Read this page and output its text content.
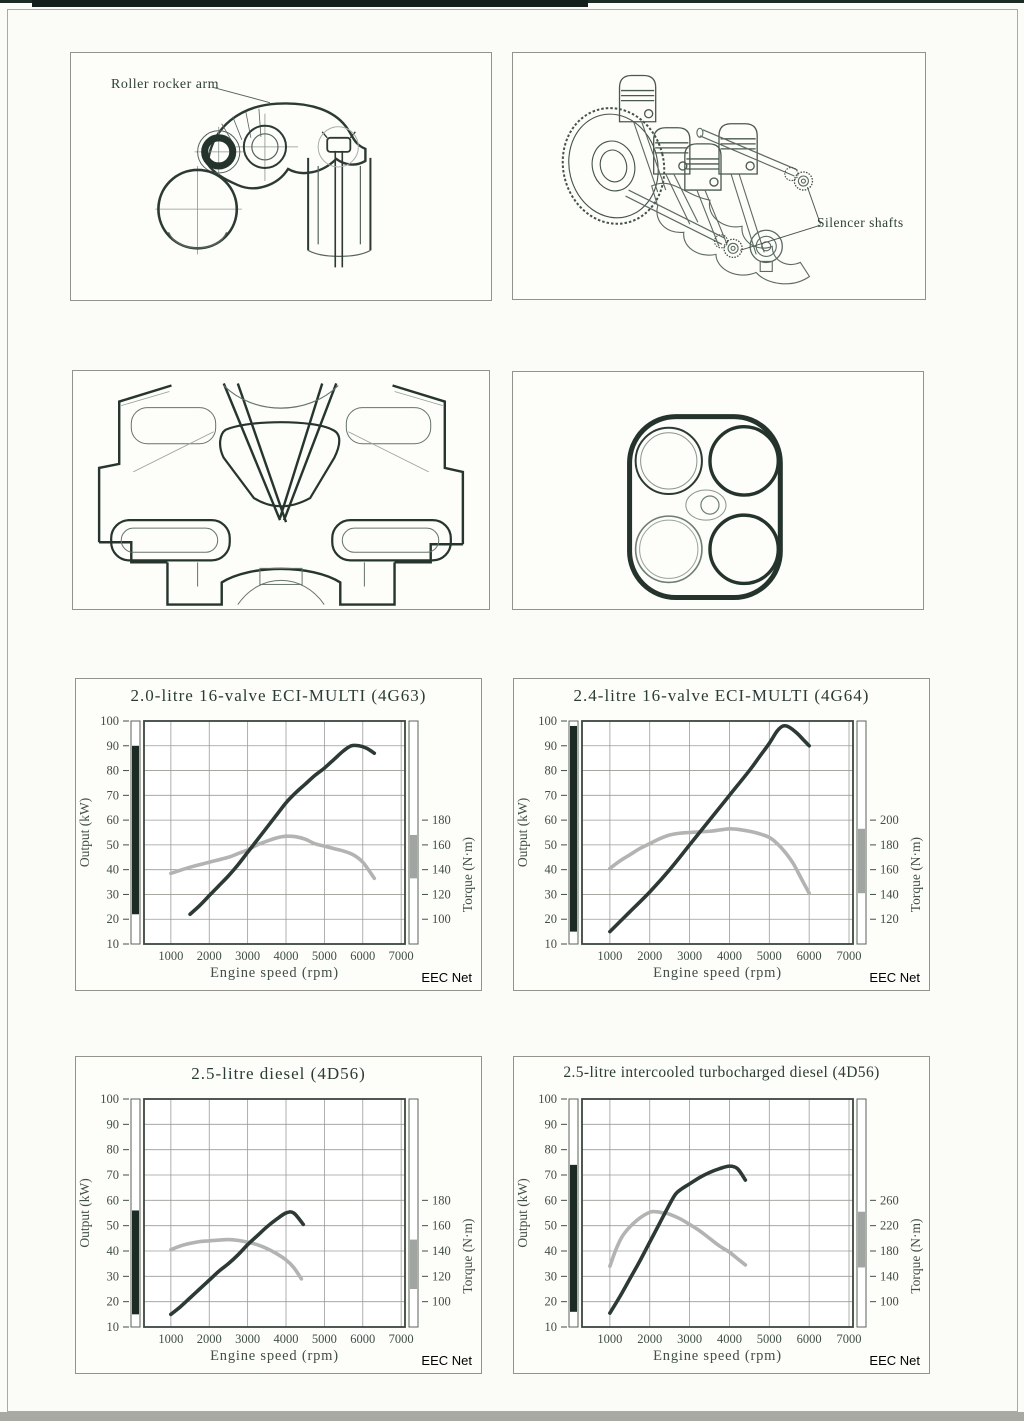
Roller rocker arm
Silencer shafts
2.0-litre 16-valve ECI-MULTI (4G63)
10
20
30
40
50
60
70
80
90
100
100
120
140
160
180
1000 2000 3000 4000 5000 6000 7000
Engine speed (rpm)
Output (kW)
Torque (N·m)
EEC Net
2.4-litre 16-valve ECI-MULTI (4G64)
10
20
30
40
50
60
70
80
90
100
120
140
160
180
200
1000 2000 3000 4000 5000 6000 7000
Engine speed (rpm)
Output (kW)
Torque (N·m)
EEC Net
2.5-litre diesel (4D56)
10
20
30
40
50
60
70
80
90
100
100
120
140
160
180
1000 2000 3000 4000 5000 6000 7000
Engine speed (rpm)
Output (kW)
Torque (N·m)
EEC Net
2.5-litre intercooled turbocharged diesel (4D56)
10
20
30
40
50
60
70
80
90
100
100
140
180
220
260
1000 2000 3000 4000 5000 6000 7000
Engine speed (rpm)
Output (kW)
Torque (N·m)
EEC Net
